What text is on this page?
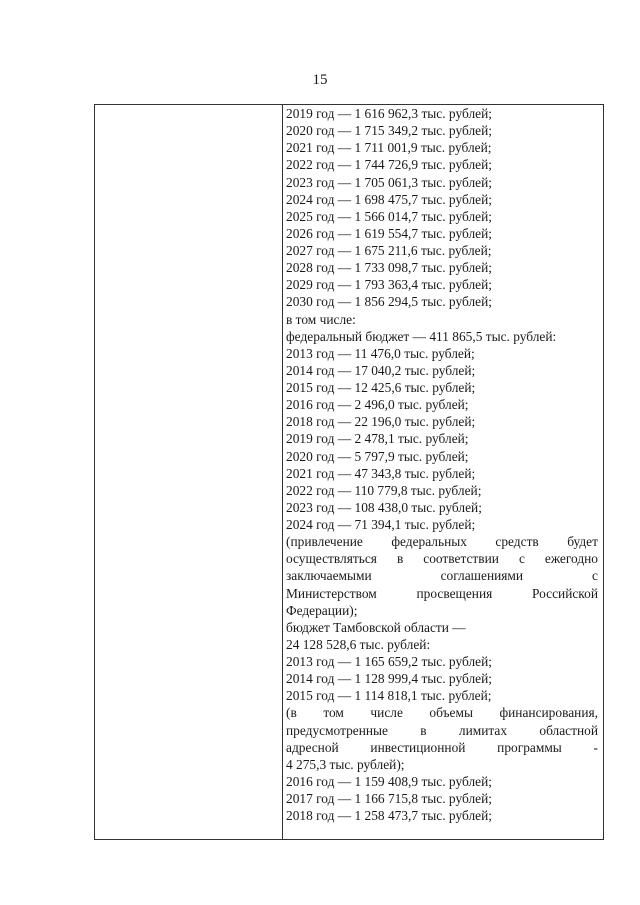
15
2019 год — 1 616 962,3 тыс. рублей;
2020 год — 1 715 349,2 тыс. рублей;
2021 год — 1 711 001,9 тыс. рублей;
2022 год — 1 744 726,9 тыс. рублей;
2023 год — 1 705 061,3 тыс. рублей;
2024 год — 1 698 475,7 тыс. рублей;
2025 год — 1 566 014,7 тыс. рублей;
2026 год — 1 619 554,7 тыс. рублей;
2027 год — 1 675 211,6 тыс. рублей;
2028 год — 1 733 098,7 тыс. рублей;
2029 год — 1 793 363,4 тыс. рублей;
2030 год — 1 856 294,5 тыс. рублей;
в том числе:
федеральный бюджет — 411 865,5 тыс. рублей:
2013 год — 11 476,0 тыс. рублей;
2014 год — 17 040,2 тыс. рублей;
2015 год — 12 425,6 тыс. рублей;
2016 год — 2 496,0 тыс. рублей;
2018 год — 22 196,0 тыс. рублей;
2019 год — 2 478,1 тыс. рублей;
2020 год — 5 797,9 тыс. рублей;
2021 год — 47 343,8 тыс. рублей;
2022 год — 110 779,8 тыс. рублей;
2023 год — 108 438,0 тыс. рублей;
2024 год — 71 394,1 тыс. рублей;
(привлечение федеральных средств будет
осуществляться в соответствии с ежегодно
заключаемыми	соглашениями	с
Министерством	просвещения	Российской
Федерации);
бюджет Тамбовской области —
24 128 528,6 тыс. рублей:
2013 год — 1 165 659,2 тыс. рублей;
2014 год — 1 128 999,4 тыс. рублей;
2015 год — 1 114 818,1 тыс. рублей;
(в том числе объемы финансирования,
предусмотренные в лимитах областной
адресной инвестиционной программы -
4 275,3 тыс. рублей);
2016 год — 1 159 408,9 тыс. рублей;
2017 год — 1 166 715,8 тыс. рублей;
2018 год — 1 258 473,7 тыс. рублей;
